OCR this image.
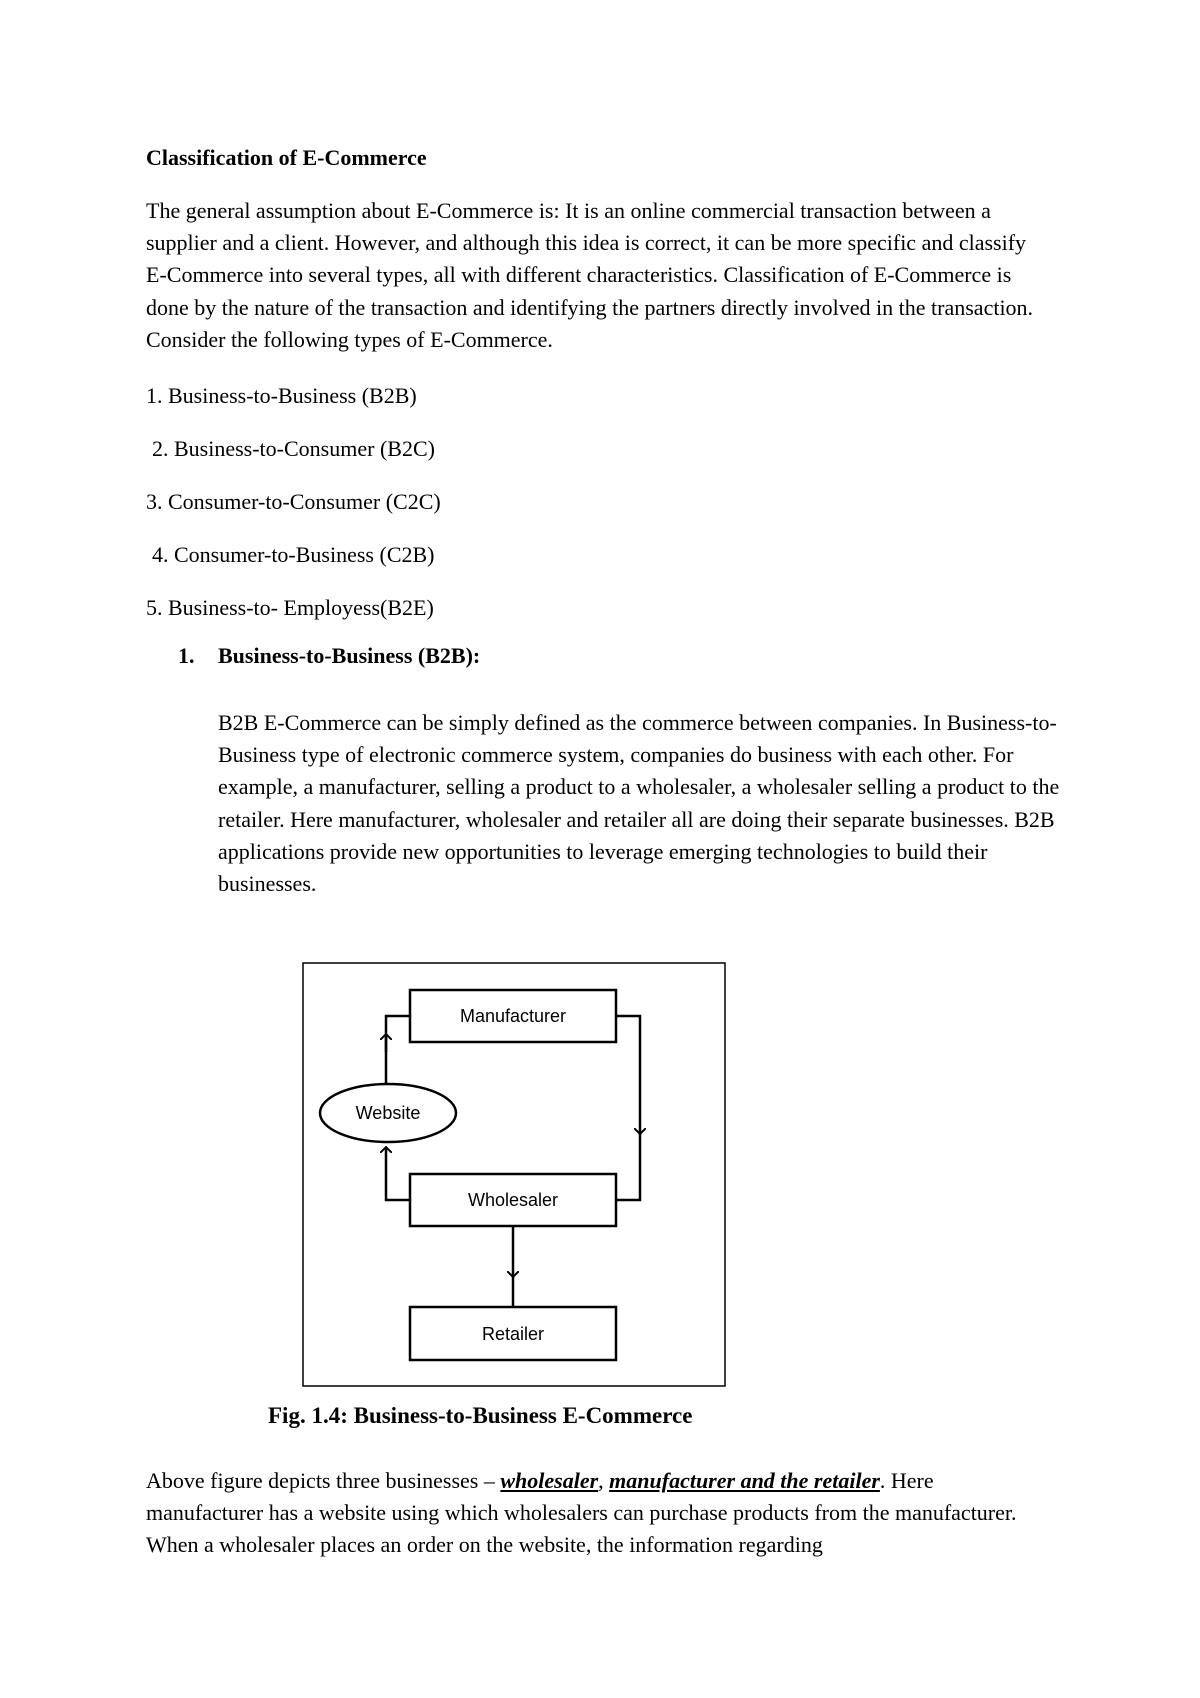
Classification of E-Commerce
The general assumption about E-Commerce is: It is an online commercial transaction between a supplier and a client. However, and although this idea is correct, it can be more specific and classify E-Commerce into several types, all with different characteristics. Classification of E-Commerce is done by the nature of the transaction and identifying the partners directly involved in the transaction. Consider the following types of E-Commerce.
1. Business-to-Business (B2B)
2. Business-to-Consumer (B2C)
3. Consumer-to-Consumer (C2C)
4. Consumer-to-Business (C2B)
5. Business-to- Employess(B2E)
1. Business-to-Business (B2B):
B2B E-Commerce can be simply defined as the commerce between companies. In Business-to-Business type of electronic commerce system, companies do business with each other. For example, a manufacturer, selling a product to a wholesaler, a wholesaler selling a product to the retailer. Here manufacturer, wholesaler and retailer all are doing their separate businesses. B2B applications provide new opportunities to leverage emerging technologies to build their businesses.
Manufacturer
Website
Wholesaler
Retailer
Fig. 1.4: Business-to-Business E-Commerce
Above figure depicts three businesses – wholesaler, manufacturer and the retailer. Here manufacturer has a website using which wholesalers can purchase products from the manufacturer. When a wholesaler places an order on the website, the information regarding
